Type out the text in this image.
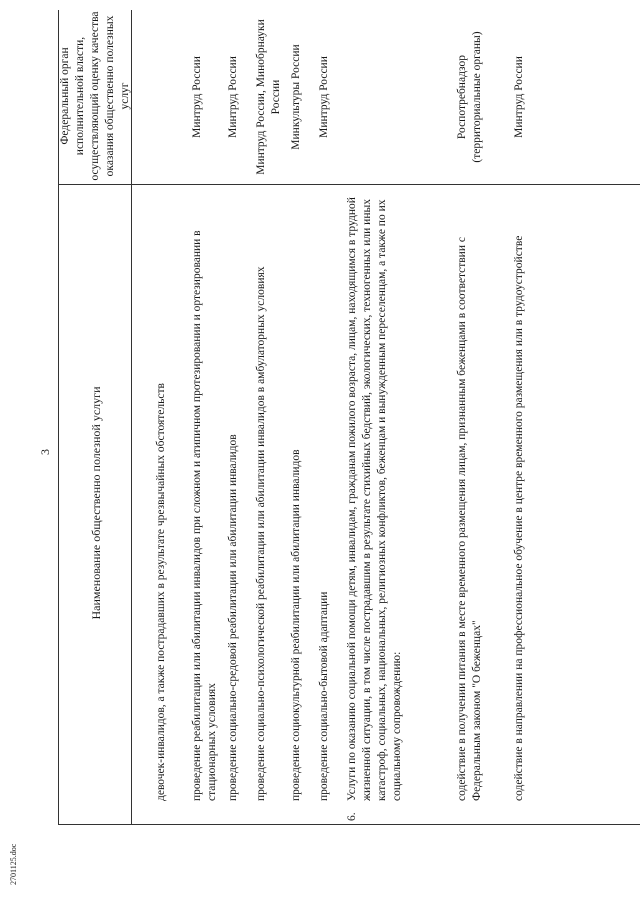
2701125.doc
3	Наименование общественно полезной услуги
Федеральный орган исполнительной власти, осуществляющий оценку качества оказания общественно полезных услуг
девочек-инвалидов, а также пострадавших в результате чрезвычайных обстоятельств проведение реабилитации или абилитации инвалидов при сложном и атипичном протезировании и ортезировании в стационарных условиях
Минтруд России
проведение социально-средовой реабилитации или абилитации инвалидов
Минтруд России
проведение социально-психологической реабилитации или абилитации инвалидов в амбулаторных условиях
Минтруд России, Минобрнауки России
проведение социокультурной реабилитации или абилитации инвалидов
Минкультуры России
проведение социально-бытовой адаптации
Минтруд России
6.
Услуги по оказанию социальной помощи детям, инвалидам, гражданам пожилого возраста, лицам, находящимся в трудной жизненной ситуации, в том числе пострадавшим в результате стихийных бедствий, экологических, техногенных или иных катастроф, социальных, национальных, религиозных конфликтов, беженцам и вынужденным переселенцам, а также по их социальному сопровождению:	содействие в получении питания в месте временного размещения лицам, признанным беженцами в соответствии с Федеральным законом "О беженцах"
Роспотребнадзор (территориальные органы)
содействие в направлении на профессиональное обучение в центре временного размещения или в трудоустройстве
Минтруд России
